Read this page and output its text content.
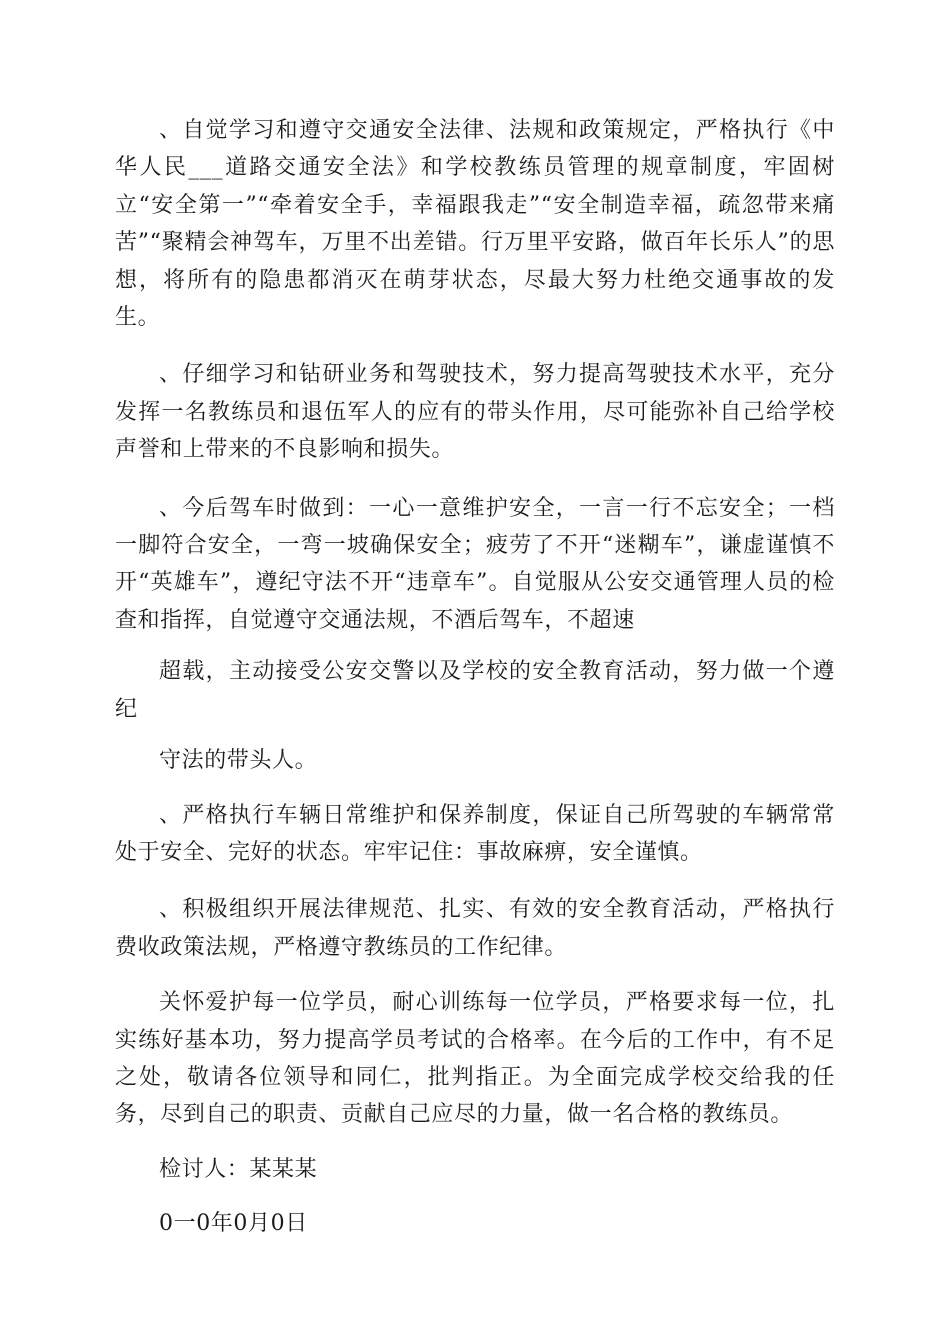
、自觉学习和遵守交通安全法律、法规和政策规定，严格执行《中华人民___道路交通安全法》和学校教练员管理的规章制度，牢固树立“安全第一”“牵着安全手，幸福跟我走”“安全制造幸福，疏忽带来痛苦”“聚精会神驾车，万里不出差错。行万里平安路，做百年长乐人”的思想，将所有的隐患都消灭在萌芽状态，尽最大努力杜绝交通事故的发生。

、仔细学习和钻研业务和驾驶技术，努力提高驾驶技术水平，充分发挥一名教练员和退伍军人的应有的带头作用，尽可能弥补自己给学校声誉和上带来的不良影响和损失。

、今后驾车时做到：一心一意维护安全，一言一行不忘安全；一档一脚符合安全，一弯一坡确保安全；疲劳了不开“迷糊车”，谦虚谨慎不开“英雄车”，遵纪守法不开“违章车”。自觉服从公安交通管理人员的检查和指挥，自觉遵守交通法规，不酒后驾车，不超速

超载，主动接受公安交警以及学校的安全教育活动，努力做一个遵纪

守法的带头人。

、严格执行车辆日常维护和保养制度，保证自己所驾驶的车辆常常处于安全、完好的状态。牢牢记住：事故麻痹，安全谨慎。

、积极组织开展法律规范、扎实、有效的安全教育活动，严格执行费收政策法规，严格遵守教练员的工作纪律。

关怀爱护每一位学员，耐心训练每一位学员，严格要求每一位，扎实练好基本功，努力提高学员考试的合格率。在今后的工作中，有不足之处，敬请各位领导和同仁，批判指正。为全面完成学校交给我的任务，尽到自己的职责、贡献自己应尽的力量，做一名合格的教练员。

检讨人：某某某

0一0年0月0日
